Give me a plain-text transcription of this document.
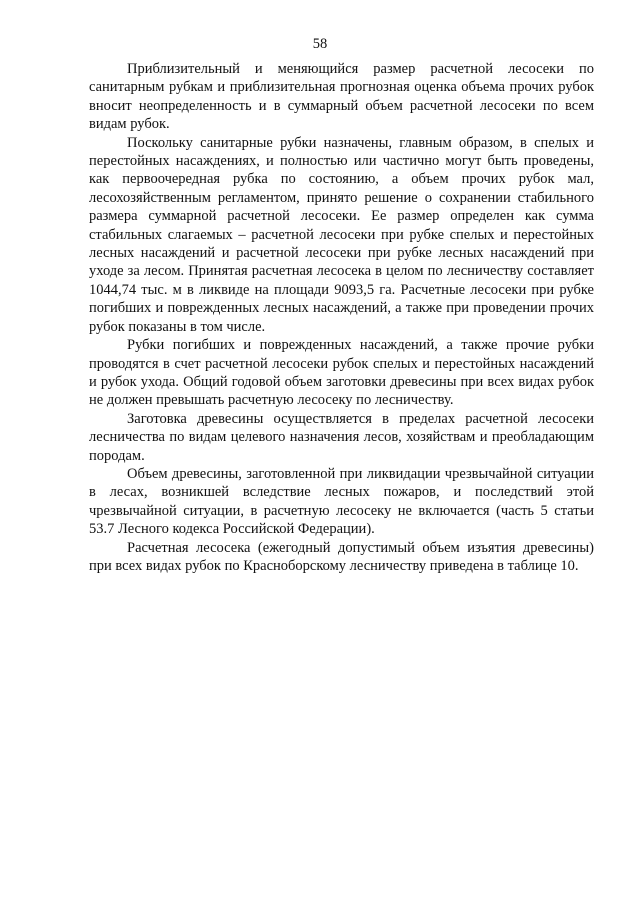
58

Приблизительный и меняющийся размер расчетной лесосеки по санитарным рубкам и приблизительная прогнозная оценка объема прочих рубок вносит неопределенность и в суммарный объем расчетной лесосеки по всем видам рубок.

Поскольку санитарные рубки назначены, главным образом, в спелых и перестойных насаждениях, и полностью или частично могут быть проведены, как первоочередная рубка по состоянию, а объем прочих рубок мал, лесохозяйственным регламентом, принято решение о сохранении стабильного размера суммарной расчетной лесосеки. Ее размер определен как сумма стабильных слагаемых – расчетной лесосеки при рубке спелых и перестойных лесных насаждений и расчетной лесосеки при рубке лесных насаждений при уходе за лесом. Принятая расчетная лесосека в целом по лесничеству составляет 1044,74 тыс. м в ликвиде на площади 9093,5 га. Расчетные лесосеки при рубке погибших и поврежденных лесных насаждений, а также при проведении прочих рубок показаны в том числе.

Рубки погибших и поврежденных насаждений, а также прочие рубки проводятся в счет расчетной лесосеки рубок спелых и перестойных насаждений и рубок ухода. Общий годовой объем заготовки древесины при всех видах рубок не должен превышать расчетную лесосеку по лесничеству.

Заготовка древесины осуществляется в пределах расчетной лесосеки лесничества по видам целевого назначения лесов, хозяйствам и преобладающим породам.

Объем древесины, заготовленной при ликвидации чрезвычайной ситуации в лесах, возникшей вследствие лесных пожаров, и последствий этой чрезвычайной ситуации, в расчетную лесосеку не включается (часть 5 статьи 53.7 Лесного кодекса Российской Федерации).

Расчетная лесосека (ежегодный допустимый объем изъятия древесины) при всех видах рубок по Красноборскому лесничеству приведена в таблице 10.
